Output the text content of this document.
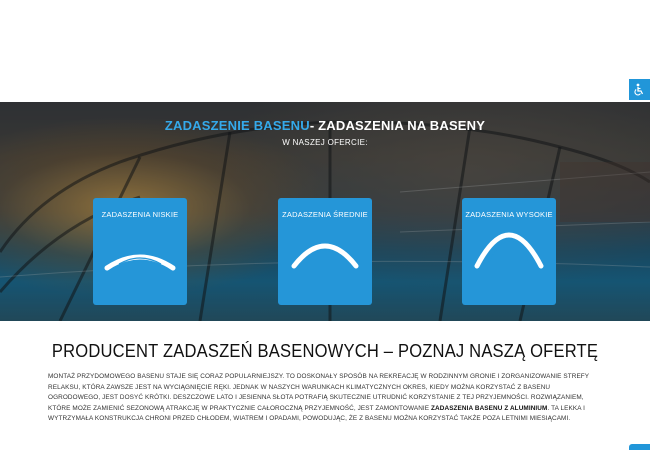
ZADASZENIE BASENU- ZADASZENIA NA BASENY
W NASZEJ OFERCIE:
ZADASZENIA NISKIE	ZADASZENIA ŚREDNIE	ZADASZENIA WYSOKIE
PRODUCENT ZADASZEŃ BASENOWYCH – POZNAJ NASZĄ OFERTĘ
MONTAŻ PRZYDOMOWEGO BASENU STAJE SIĘ CORAZ POPULARNIEJSZY. TO DOSKONAŁY SPOSÓB NA REKREACJĘ W RODZINNYM GRONIE I ZORGANIZOWANIE STREFY RELAKSU, KTÓRA ZAWSZE JEST NA WYCIĄGNIĘCIE RĘKI. JEDNAK W NASZYCH WARUNKACH KLIMATYCZNYCH OKRES, KIEDY MOŻNA KORZYSTAĆ Z BASENU OGRODOWEGO, JEST DOSYĆ KRÓTKI. DESZCZOWE LATO I JESIENNA SŁOTA POTRAFIĄ SKUTECZNIE UTRUDNIĆ KORZYSTANIE Z TEJ PRZYJEMNOŚCI. ROZWIĄZANIEM, KTÓRE MOŻE ZAMIENIĆ SEZONOWĄ ATRAKCJĘ W PRAKTYCZNIE CAŁOROCZNĄ PRZYJEMNOŚĆ, JEST ZAMONTOWANIE ZADASZENIA BASENU Z ALUMINIUM. TA LEKKA I WYTRZYMAŁA KONSTRUKCJA CHRONI PRZED CHŁODEM, WIATREM I OPADAMI, POWODUJĄC, ŻE Z BASENU MOŻNA KORZYSTAĆ TAKŻE POZA LETNIMI MIESIĄCAMI.
